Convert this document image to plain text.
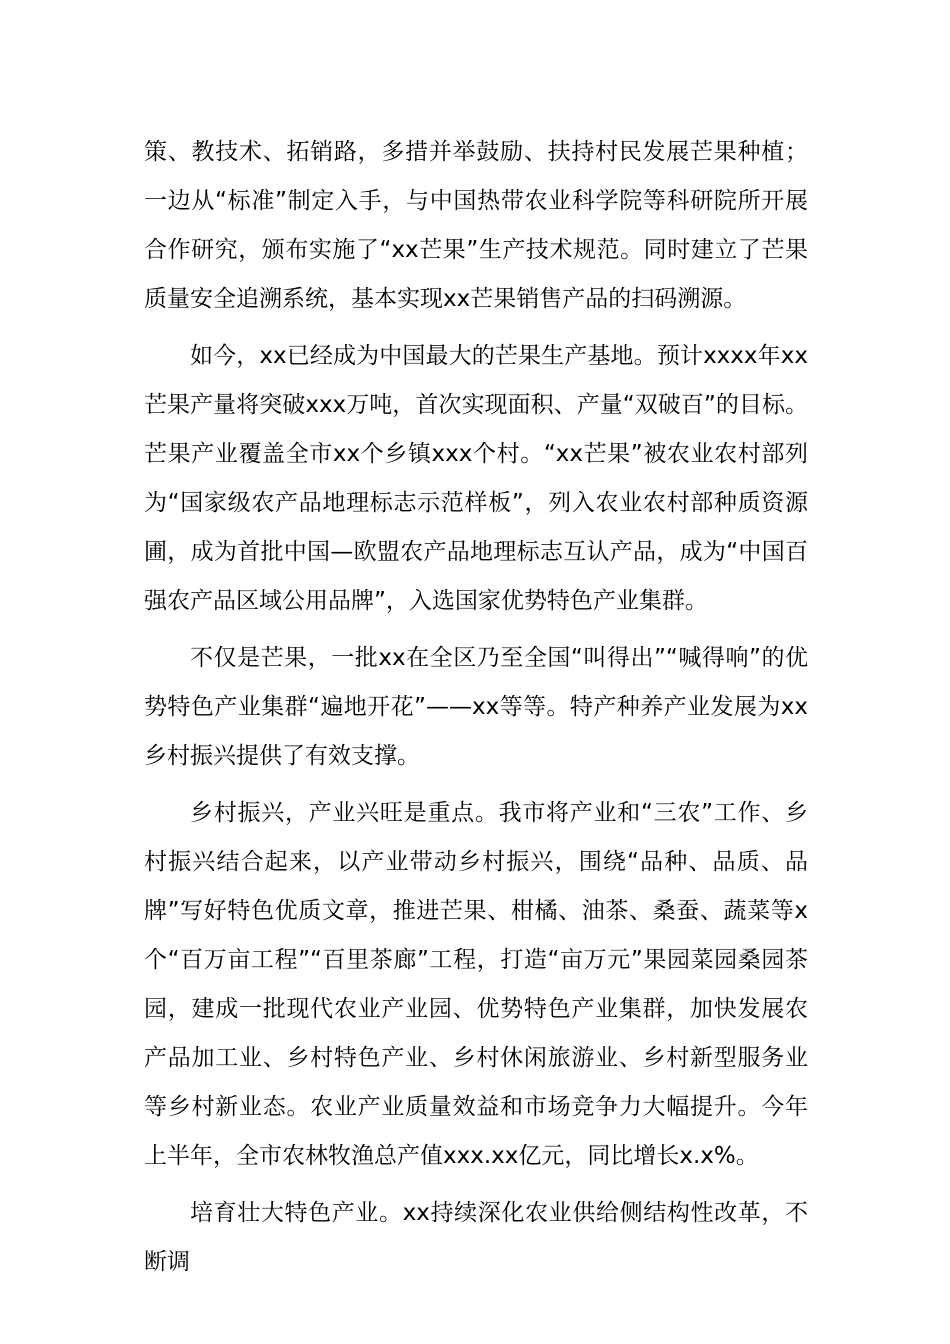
策、教技术、拓销路，多措并举鼓励、扶持村民发展芒果种植；一边从“标准”制定入手，与中国热带农业科学院等科研院所开展合作研究，颁布实施了“xx芒果”生产技术规范。同时建立了芒果质量安全追溯系统，基本实现xx芒果销售产品的扫码溯源。

如今，xx已经成为中国最大的芒果生产基地。预计xxxx年xx芒果产量将突破xxx万吨，首次实现面积、产量“双破百”的目标。芒果产业覆盖全市xx个乡镇xxx个村。“xx芒果”被农业农村部列为“国家级农产品地理标志示范样板”，列入农业农村部种质资源圃，成为首批中国—欧盟农产品地理标志互认产品，成为“中国百强农产品区域公用品牌”，入选国家优势特色产业集群。

不仅是芒果，一批xx在全区乃至全国“叫得出”“喊得响”的优势特色产业集群“遍地开花”——xx等等。特产种养产业发展为xx乡村振兴提供了有效支撑。

乡村振兴，产业兴旺是重点。我市将产业和“三农”工作、乡村振兴结合起来，以产业带动乡村振兴，围绕“品种、品质、品牌”写好特色优质文章，推进芒果、柑橘、油茶、桑蚕、蔬菜等x个“百万亩工程”“百里茶廊”工程，打造“亩万元”果园菜园桑园茶园，建成一批现代农业产业园、优势特色产业集群，加快发展农产品加工业、乡村特色产业、乡村休闲旅游业、乡村新型服务业等乡村新业态。农业产业质量效益和市场竞争力大幅提升。今年上半年，全市农林牧渔总产值xxx.xx亿元，同比增长x.x%。

培育壮大特色产业。xx持续深化农业供给侧结构性改革，不断调
